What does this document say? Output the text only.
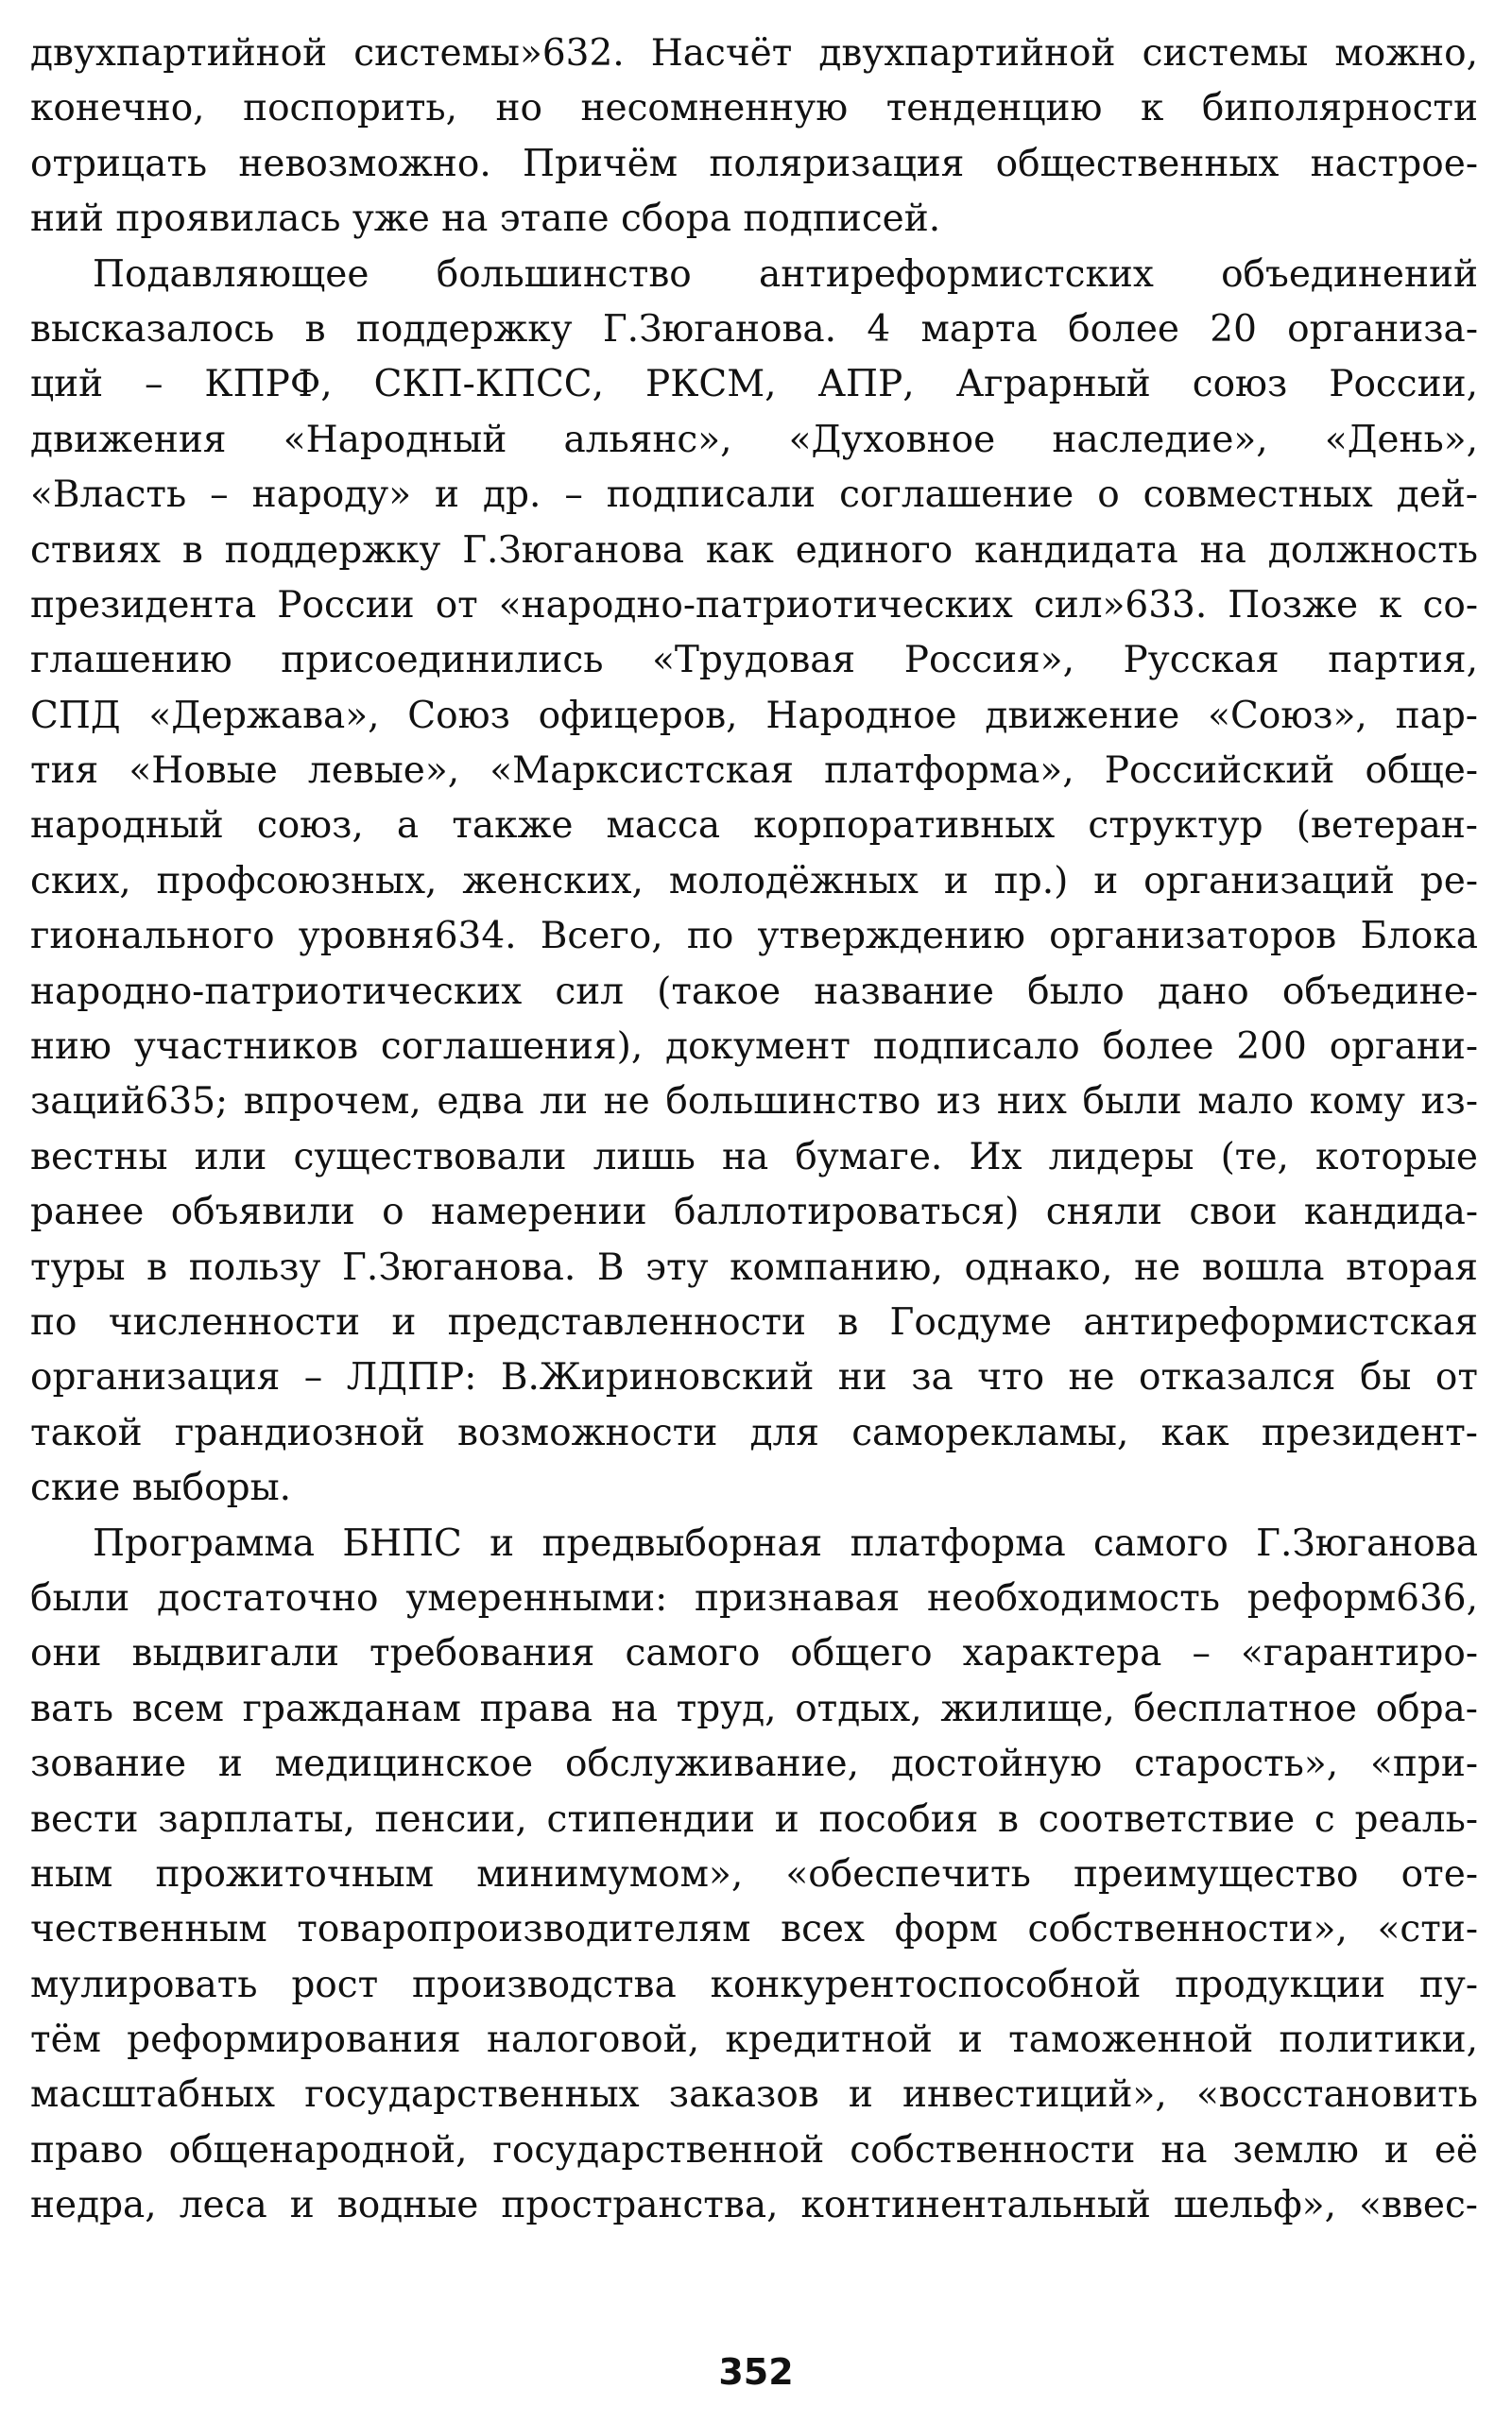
двухпартийной системы»632. Насчёт двухпартийной системы можно,
конечно, поспорить, но несомненную тенденцию к биполярности
отрицать невозможно. Причём поляризация общественных настрое-
ний проявилась уже на этапе сбора подписей.
Подавляющее большинство антиреформистских объединений
высказалось в поддержку Г.Зюганова. 4 марта более 20 организа-
ций – КПРФ, СКП-КПСС, РКСМ, АПР, Аграрный союз России,
движения «Народный альянс», «Духовное наследие», «День»,
«Власть – народу» и др. – подписали соглашение о совместных дей-
ствиях в поддержку Г.Зюганова как единого кандидата на должность
президента России от «народно-патриотических сил»633. Позже к со-
глашению присоединились «Трудовая Россия», Русская партия,
СПД «Держава», Союз офицеров, Народное движение «Союз», пар-
тия «Новые левые», «Марксистская платформа», Российский обще-
народный союз, а также масса корпоративных структур (ветеран-
ских, профсоюзных, женских, молодёжных и пр.) и организаций ре-
гионального уровня634. Всего, по утверждению организаторов Блока
народно-патриотических сил (такое название было дано объедине-
нию участников соглашения), документ подписало более 200 органи-
заций635; впрочем, едва ли не большинство из них были мало кому из-
вестны или существовали лишь на бумаге. Их лидеры (те, которые
ранее объявили о намерении баллотироваться) сняли свои кандида-
туры в пользу Г.Зюганова. В эту компанию, однако, не вошла вторая
по численности и представленности в Госдуме антиреформистская
организация – ЛДПР: В.Жириновский ни за что не отказался бы от
такой грандиозной возможности для саморекламы, как президент-
ские выборы.
Программа БНПС и предвыборная платформа самого Г.Зюганова
были достаточно умеренными: признавая необходимость реформ636,
они выдвигали требования самого общего характера – «гарантиро-
вать всем гражданам права на труд, отдых, жилище, бесплатное обра-
зование и медицинское обслуживание, достойную старость», «при-
вести зарплаты, пенсии, стипендии и пособия в соответствие с реаль-
ным прожиточным минимумом», «обеспечить преимущество оте-
чественным товаропроизводителям всех форм собственности», «сти-
мулировать рост производства конкурентоспособной продукции пу-
тём реформирования налоговой, кредитной и таможенной политики,
масштабных государственных заказов и инвестиций», «восстановить
право общенародной, государственной собственности на землю и её
недра, леса и водные пространства, континентальный шельф», «ввес-
352
